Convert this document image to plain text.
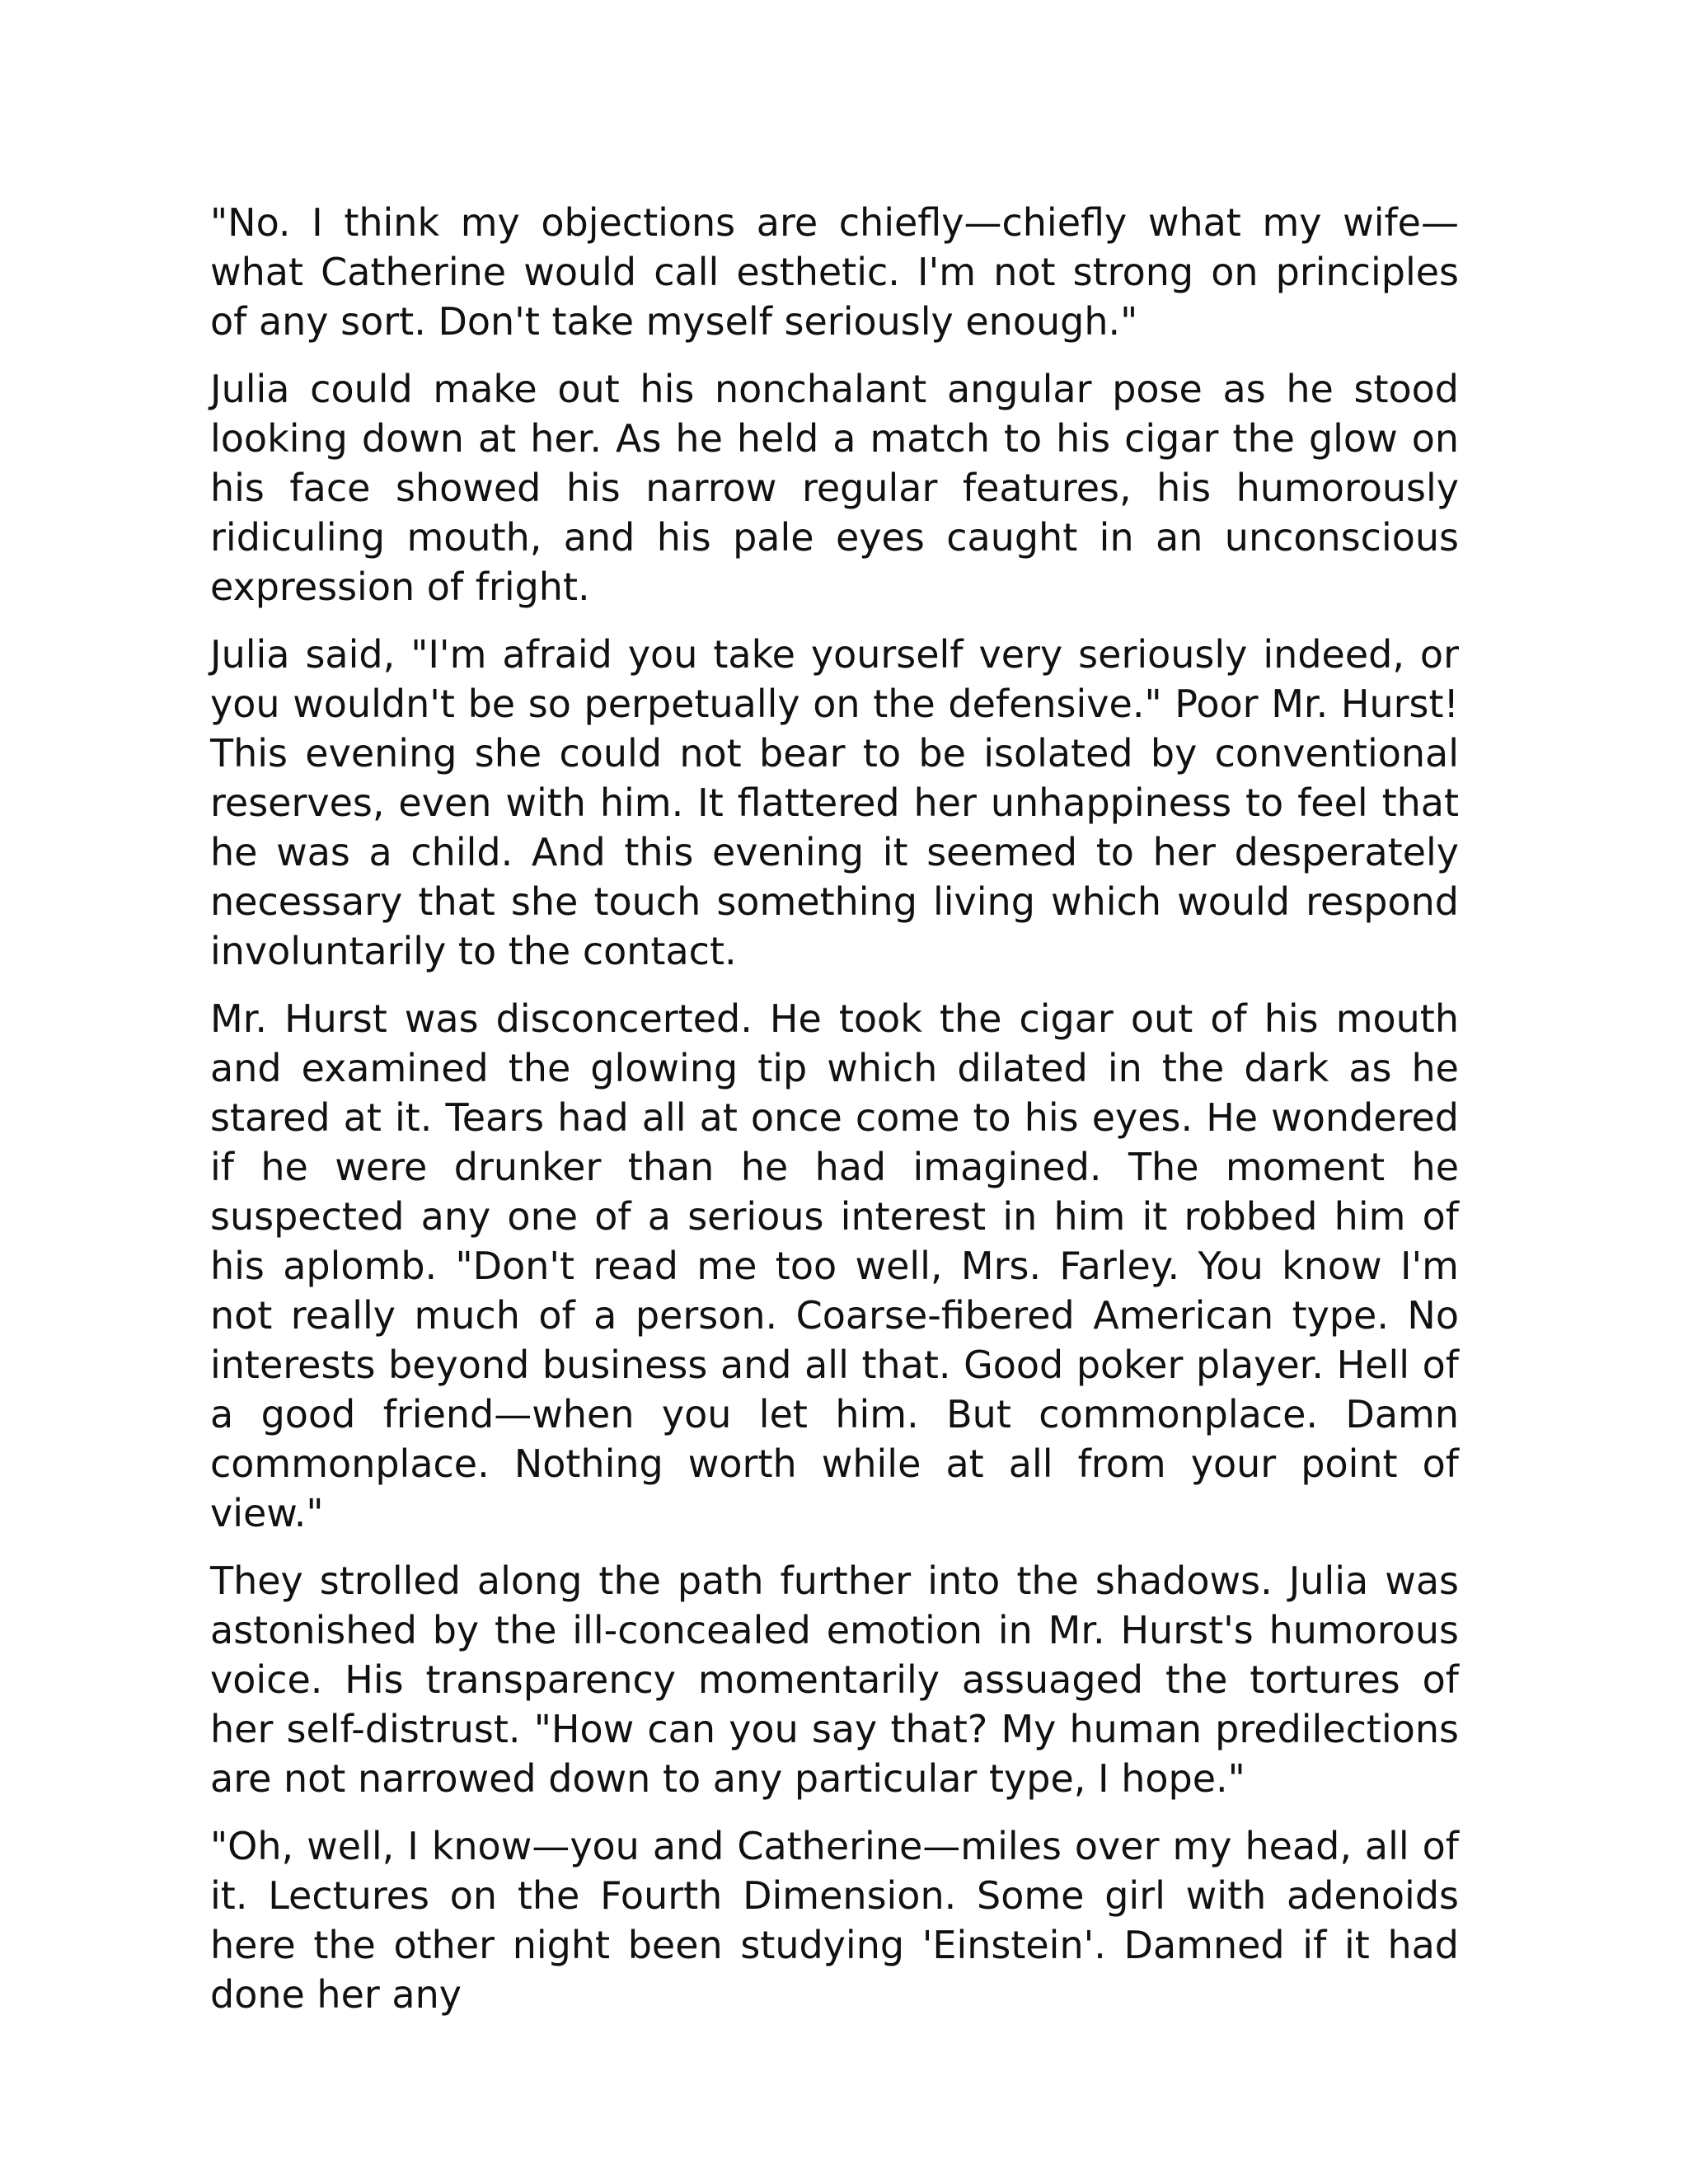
"No. I think my objections are chiefly—chiefly what my wife—what Catherine would call esthetic. I'm not strong on principles of any sort. Don't take myself seriously enough."

Julia could make out his nonchalant angular pose as he stood looking down at her. As he held a match to his cigar the glow on his face showed his narrow regular features, his humorously ridiculing mouth, and his pale eyes caught in an unconscious expression of fright.

Julia said, "I'm afraid you take yourself very seriously indeed, or you wouldn't be so perpetually on the defensive." Poor Mr. Hurst! This evening she could not bear to be isolated by conventional reserves, even with him. It flattered her unhappiness to feel that he was a child. And this evening it seemed to her desperately necessary that she touch something living which would respond involuntarily to the contact.

Mr. Hurst was disconcerted. He took the cigar out of his mouth and examined the glowing tip which dilated in the dark as he stared at it. Tears had all at once come to his eyes. He wondered if he were drunker than he had imagined. The moment he suspected any one of a serious interest in him it robbed him of his aplomb. "Don't read me too well, Mrs. Farley. You know I'm not really much of a person. Coarse-fibered American type. No interests beyond business and all that. Good poker player. Hell of a good friend—when you let him. But commonplace. Damn commonplace. Nothing worth while at all from your point of view."

They strolled along the path further into the shadows. Julia was astonished by the ill-concealed emotion in Mr. Hurst's humorous voice. His transparency momentarily assuaged the tortures of her self-distrust. "How can you say that? My human predilections are not narrowed down to any particular type, I hope."

"Oh, well, I know—you and Catherine—miles over my head, all of it. Lectures on the Fourth Dimension. Some girl with adenoids here the other night been studying 'Einstein'. Damned if it had done her any
